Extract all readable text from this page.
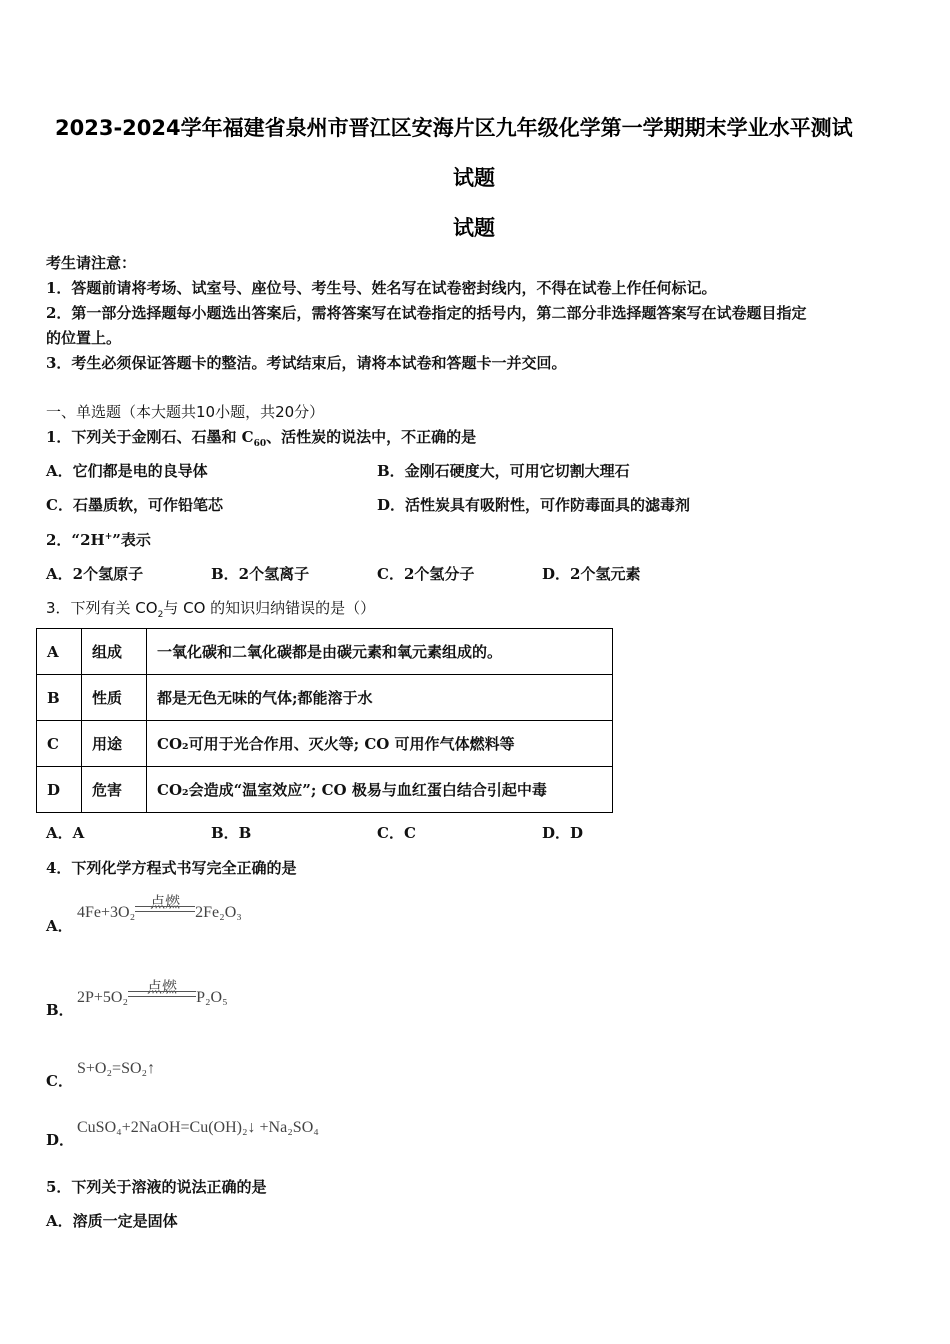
2023-2024学年福建省泉州市晋江区安海片区九年级化学第一学期期末学业水平测试
试题
试题
考生请注意：
1．答题前请将考场、试室号、座位号、考生号、姓名写在试卷密封线内，不得在试卷上作任何标记。
2．第一部分选择题每小题选出答案后，需将答案写在试卷指定的括号内，第二部分非选择题答案写在试卷题目指定
的位置上。
3．考生必须保证答题卡的整洁。考试结束后，请将本试卷和答题卡一并交回。
一、单选题（本大题共10小题，共20分）
1．下列关于金刚石、石墨和 $C_{60}$、活性炭的说法中，不正确的是
A．它们都是电的良导体	B．金刚石硬度大，可用它切割大理石
C．石墨质软，可作铅笔芯	D．活性炭具有吸附性，可作防毒面具的滤毒剂
2．“2H+”表示
A．2个氢原子	B．2个氢离子	C．2个氢分子	D．2个氢元素
3．下列有关 $CO_2$与 CO 的知识归纳错误的是（）
A	组成	一氧化碳和二氧化碳都是由碳元素和氧元素组成的。
B	性质	都是无色无味的气体;都能溶于水
C	用途	CO₂可用于光合作用、灭火等; CO 可用作气体燃料等
D	危害	CO₂会造成“温室效应”; CO 极易与血红蛋白结合引起中毒
A．A	B．B	C．C	D．D
4．下列化学方程式书写完全正确的是
A．
4Fe+3O₂
点燃
2Fe₂O₃
B．
2P+5O₂
点燃
P₂O₅
C．
S+O₂=SO₂↑
D．
CuSO₄+2NaOH=Cu(OH)₂↓ +Na₂SO₄
5．下列关于溶液的说法正确的是
A．溶质一定是固体
